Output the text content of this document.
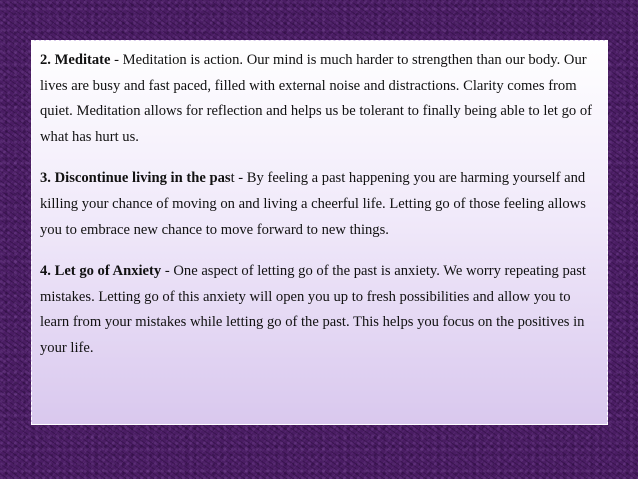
2. Meditate - Meditation is action. Our mind is much harder to strengthen than our body. Our lives are busy and fast paced, filled with external noise and distractions. Clarity comes from quiet. Meditation allows for reflection and helps us be tolerant to finally being able to let go of what has hurt us.

3. Discontinue living in the past - By feeling a past happening you are harming yourself and killing your chance of moving on and living a cheerful life. Letting go of those feeling allows you to embrace new chance to move forward to new things.

4. Let go of Anxiety - One aspect of letting go of the past is anxiety. We worry repeating past mistakes. Letting go of this anxiety will open you up to fresh possibilities and allow you to learn from your mistakes while letting go of the past. This helps you focus on the positives in your life.
